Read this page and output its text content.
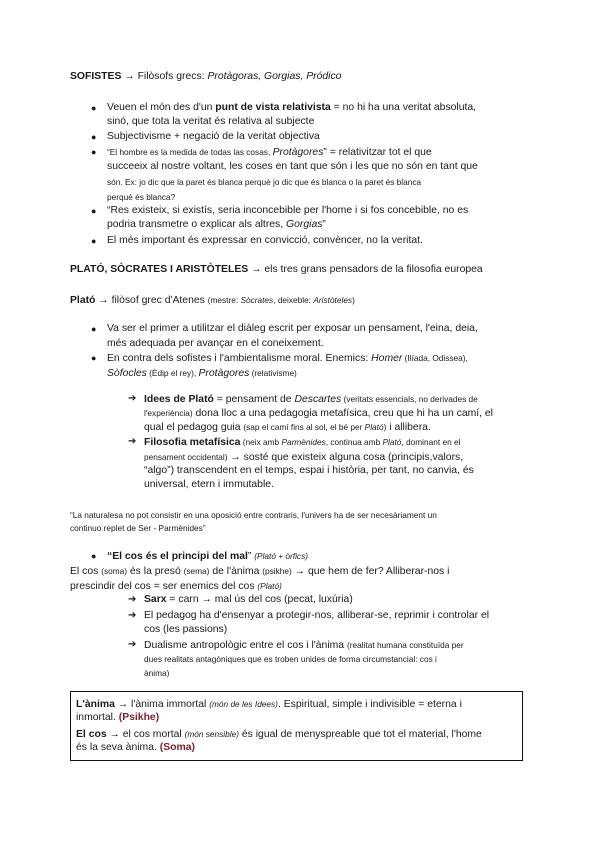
SOFISTES → Filòsofs grecs: Protàgoras, Gorgias, Pródico
● Veuen el món des d'un punt de vista relativista = no hi ha una veritat absoluta,
sinó, que tota la veritat és relativa al subjecte
● Subjectivisme + negació de la veritat objectiva
● “El hombre es la medida de todas las cosas, Protàgores” = relativitzar tot el que
succeeix al nostre voltant, les coses en tant que són i les que no són en tant que
són. Ex: jo dic que la paret és blanca perquè jo dic que és blanca o la paret és blanca
perquè és blanca?
● “Res existeix, si existís, seria inconcebible per l'home i si fos concebible, no es
podria transmetre o explicar als altres, Gorgias”
● El més important és expressar en convicció, convèncer, no la veritat.
PLATÓ, SÒCRATES I ARISTÒTELES → els tres grans pensadors de la filosofia europea
Plató → filòsof grec d'Atenes (mestre: Sòcrates, deixeble: Aristòteles)
● Va ser el primer a utilitzar el diàleg escrit per exposar un pensament, l'eina, deia,
més adequada per avançar en el coneixement.
● En contra dels sofistes i l'ambientalisme moral. Enemics: Homer (Ilíada, Odissea),
Sòfocles (Èdip el rey), Protàgores (relativisme)
➔ Idees de Plató = pensament de Descartes (veritats essencials, no derivades de
l'experiència) dona lloc a una pedagogia metafísica, creu que hi ha un camí, el
qual el pedagog guia (sap el camí fins al sol, el bé per Plató) i allibera.
➔ Filosofia metafísica (neix amb Parmènides, continua amb Plató, dominant en el
pensament occidental) → sosté que existeix alguna cosa (principis,valors,
“algo”) transcendent en el temps, espai i història, per tant, no canvia, és
universal, etern i immutable.
“La naturalesa no pot consistir en una oposició entre contraris, l'univers ha de ser necesàriament un
continuo replet de Ser - Parmènides”
● “El cos és el principi del mal” (Plató + òrfics)
El cos (soma) és la presó (sema) de l'ànima (psikhe) → que hem de fer? Alliberar-nos i
prescindir del cos = ser enemics del cos (Plató)
➔ Sarx = carn → mal ús del cos (pecat, luxúria)
➔ El pedagog ha d'ensenyar a protegir-nos, alliberar-se, reprimir i controlar el
cos (les passions)
➔ Dualisme antropològic entre el cos i l'ànima (realitat humana constituïda per
dues realitats antagòniques que es troben unides de forma circumstancial: cos i
ànima)
L'ànima → l'ànima immortal (món de les Idees). Espiritual, simple i indivisible = eterna i
inmortal. (Psikhe)
El cos → el cos mortal (món sensible) és igual de menyspreable que tot el material, l'home
és la seva ànima. (Soma)
